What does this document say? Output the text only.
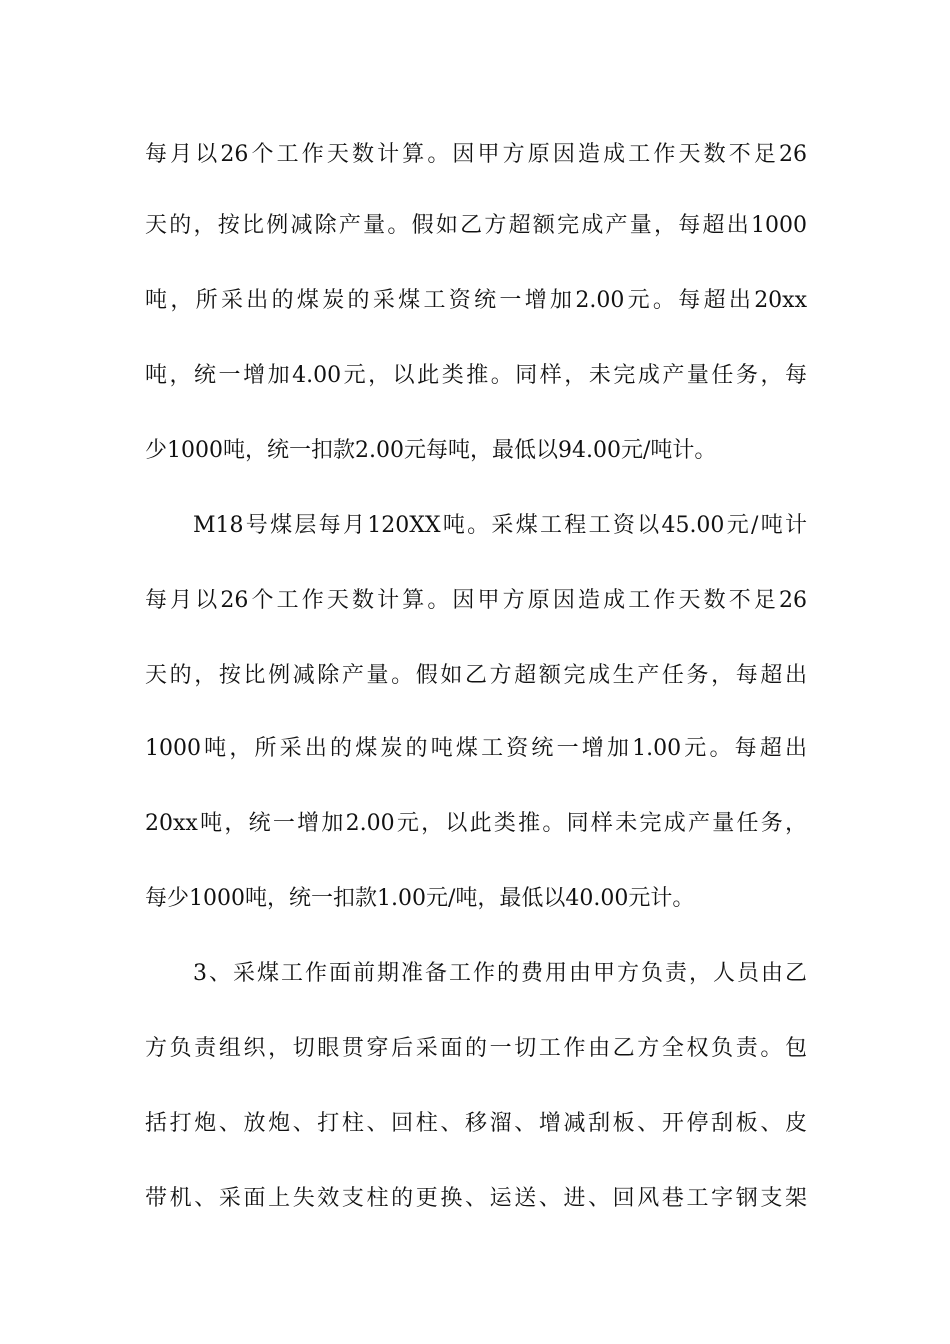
每月以26个工作天数计算。因甲方原因造成工作天数不足26
天的，按比例减除产量。假如乙方超额完成产量，每超出1000
吨，所采出的煤炭的采煤工资统一增加2.00元。每超出20xx
吨，统一增加4.00元，以此类推。同样，未完成产量任务，每
少1000吨，统一扣款2.00元每吨，最低以94.00元/吨计。
M18号煤层每月120XX吨。采煤工程工资以45.00元/吨计
每月以26个工作天数计算。因甲方原因造成工作天数不足26
天的，按比例减除产量。假如乙方超额完成生产任务，每超出
1000吨，所采出的煤炭的吨煤工资统一增加1.00元。每超出
20xx吨，统一增加2.00元，以此类推。同样未完成产量任务，
每少1000吨，统一扣款1.00元/吨，最低以40.00元计。
3、采煤工作面前期准备工作的费用由甲方负责，人员由乙
方负责组织，切眼贯穿后采面的一切工作由乙方全权负责。包
括打炮、放炮、打柱、回柱、移溜、增减刮板、开停刮板、皮
带机、采面上失效支柱的更换、运送、进、回风巷工字钢支架
